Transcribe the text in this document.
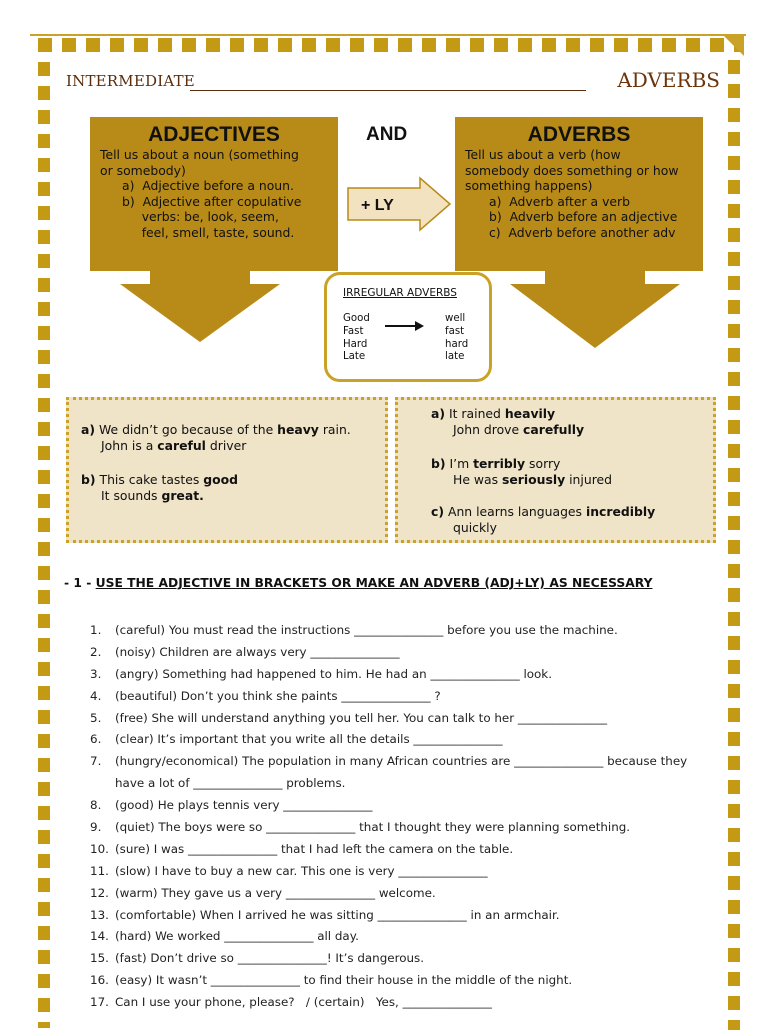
INTERMEDIATE	ADVERBS
ADJECTIVES
Tell us about a noun (something
or somebody)
a)  Adjective before a noun.
b)  Adjective after copulative
verbs: be, look, seem,
feel, smell, taste, sound.
AND
+ LY
ADVERBS
Tell us about a verb (how
somebody does something or how
something happens)
a)  Adverb after a verb
b)  Adverb before an adjective
c)  Adverb before another adv
IRREGULAR ADVERBS
Good
Fast
Hard
Late
well
fast
hard
late
a) We didn’t go because of the heavy rain.
John is a careful driver
b) This cake tastes good
It sounds great.
a) It rained heavily
John drove carefully
b) I’m terribly sorry
He was seriously injured
c) Ann learns languages incredibly
quickly
- 1 - USE THE ADJECTIVE IN BRACKETS OR MAKE AN ADVERB (ADJ+LY) AS NECESSARY
1. (careful) You must read the instructions _______________ before you use the machine.
2. (noisy) Children are always very _______________
3. (angry) Something had happened to him. He had an _______________ look.
4. (beautiful) Don’t you think she paints _______________ ?
5. (free) She will understand anything you tell her. You can talk to her _______________
6. (clear) It’s important that you write all the details _______________
7. (hungry/economical) The population in many African countries are _______________ because they
have a lot of _______________ problems.
8. (good) He plays tennis very _______________
9. (quiet) The boys were so _______________ that I thought they were planning something.
10. (sure) I was _______________ that I had left the camera on the table.
11. (slow) I have to buy a new car. This one is very _______________
12. (warm) They gave us a very _______________ welcome.
13. (comfortable) When I arrived he was sitting _______________ in an armchair.
14. (hard) We worked _______________ all day.
15. (fast) Don’t drive so _______________! It’s dangerous.
16. (easy) It wasn’t _______________ to find their house in the middle of the night.
17. Can I use your phone, please?   / (certain)   Yes, _______________
